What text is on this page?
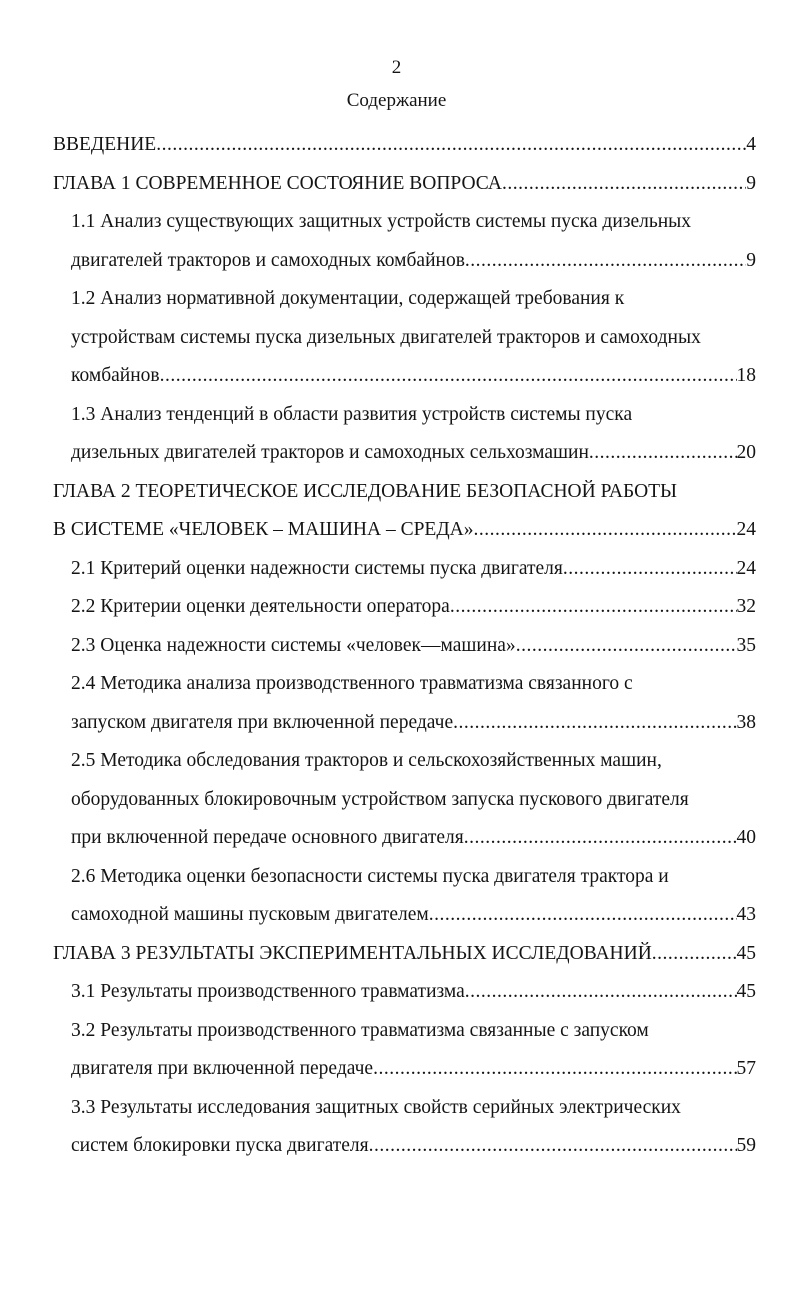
2
Содержание
ВВЕДЕНИЕ .....	4
ГЛАВА 1 СОВРЕМЕННОЕ СОСТОЯНИЕ ВОПРОСА .....	9
1.1 Анализ существующих защитных устройств системы пуска дизельных
двигателей тракторов и самоходных комбайнов .....	9
1.2 Анализ нормативной документации, содержащей требования к
устройствам системы пуска дизельных двигателей тракторов и самоходных
комбайнов .....	18
1.3 Анализ тенденций в области развития устройств системы пуска
дизельных двигателей тракторов и самоходных сельхозмашин .....	20
ГЛАВА 2 ТЕОРЕТИЧЕСКОЕ ИССЛЕДОВАНИЕ БЕЗОПАСНОЙ РАБОТЫ
В СИСТЕМЕ «ЧЕЛОВЕК – МАШИНА – СРЕДА» .....	24
2.1 Критерий оценки надежности системы пуска двигателя .....	24
2.2 Критерии оценки деятельности оператора .....	32
2.3 Оценка надежности системы «человек—машина» .....	35
2.4 Методика анализа производственного травматизма связанного с
запуском двигателя при включенной передаче .....	38
2.5 Методика обследования тракторов и сельскохозяйственных машин,
оборудованных блокировочным устройством запуска пускового двигателя
при включенной передаче основного двигателя .....	40
2.6 Методика оценки безопасности системы пуска двигателя трактора и
самоходной машины пусковым двигателем .....	43
ГЛАВА 3 РЕЗУЛЬТАТЫ ЭКСПЕРИМЕНТАЛЬНЫХ ИССЛЕДОВАНИЙ .....	45
3.1 Результаты производственного травматизма .....	45
3.2 Результаты производственного травматизма связанные с запуском
двигателя при включенной передаче .....	57
3.3 Результаты исследования защитных свойств серийных электрических
систем блокировки пуска двигателя .....	59
